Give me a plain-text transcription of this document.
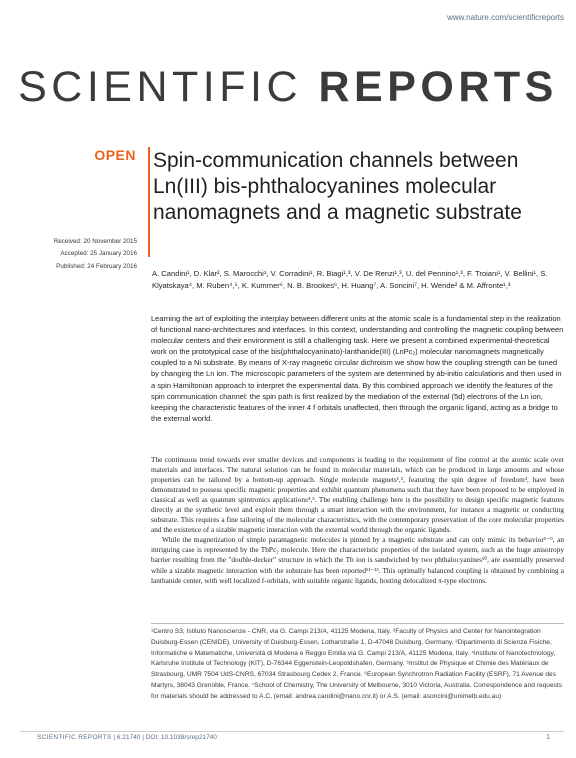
www.nature.com/scientificreports
SCIENTIFIC REPORTS
OPEN Spin-communication channels between Ln(III) bis-phthalocyanines molecular nanomagnets and a magnetic substrate
Received: 20 November 2015
Accepted: 25 January 2016
Published: 24 February 2016
A. Candini¹, D. Klar², S. Marocchi¹, V. Corradini¹, R. Biagi¹,³, V. De Renzi¹,³, U. del Pennino¹,³, F. Troiani¹, V. Bellini¹, S. Klyatskaya⁴, M. Ruben⁴,⁵, K. Kummer⁶, N. B. Brookes⁶, H. Huang⁷, A. Soncini⁷, H. Wende² & M. Affronte¹,³
Learning the art of exploiting the interplay between different units at the atomic scale is a fundamental step in the realization of functional nano-architectures and interfaces. In this context, understanding and controlling the magnetic coupling between molecular centers and their environment is still a challenging task. Here we present a combined experimental-theoretical work on the prototypical case of the bis(phthalocyaninato)-lanthanide(III) (LnPc₂) molecular nanomagnets magnetically coupled to a Ni substrate. By means of X-ray magnetic circular dichroism we show how the coupling strength can be tuned by changing the Ln ion. The microscopic parameters of the system are determined by ab-initio calculations and then used in a spin Hamiltonian approach to interpret the experimental data. By this combined approach we identify the features of the spin communication channel: the spin path is first realized by the mediation of the external (5d) electrons of the Ln ion, keeping the characteristic features of the inner 4 f orbitals unaffected, then through the organic ligand, acting as a bridge to the external world.

The continuous trend towards ever smaller devices and components is leading to the requirement of fine control at the atomic scale over materials and interfaces. The natural solution can be found in molecular materials, which can be produced in large amounts and whose properties can be tailored by a bottom-up approach. Single molecule magnets¹,², featuring the spin degree of freedom³, have been demonstrated to possess specific magnetic properties and exhibit quantum phenomena such that they have been proposed to be employed in classical as well as quantum spintronics applications⁴,⁵. The enabling challenge here is the possibility to design specific magnetic features directly at the synthetic level and exploit them through a smart interaction with the environment, for instance a magnetic or conducting substrate. This requires a fine tailoring of the molecular characteristics, with the contemporary preservation of the core molecular properties and the existence of a sizable magnetic interaction with the external world through the organic ligands.

While the magnetization of simple paramagnetic molecules is pinned by a magnetic substrate and can only mimic its behavior⁶⁻⁹, an intriguing case is represented by the TbPc₂ molecule. Here the characteristic properties of the isolated system, such as the huge anisotropy barrier resulting from the "double-decker" structure in which the Tb ion is sandwiched by two phthalocyanines¹⁰, are essentially preserved while a sizable magnetic interaction with the substrate has been reported¹¹⁻¹³. This optimally balanced coupling is obtained by combining a lanthanide center, with well localized f-orbitals, with suitable organic ligands, hosting delocalized π-type electrons.

¹Centro S3, Istituto Nanoscienze - CNR, via G. Campi 213/A, 41125 Modena, Italy. ²Faculty of Physics and Center for Nanointegration Duisburg-Essen (CENIDE), University of Duisburg-Essen, Lotharstraße 1, D-47048 Duisburg, Germany. ³Dipartimento di Scienze Fisiche, Informatiche e Matematiche, Università di Modena e Reggio Emilia via G. Campi 213/A, 41125 Modena, Italy. ⁴Institute of Nanotechnology, Karlsruhe Institute of Technology (KIT), D-76344 Eggenstein-Leopoldshafen, Germany. ⁵Institut de Physique et Chimie des Matériaux de Strasbourg, UMR 7504 UdS-CNRS, 67034 Strasbourg Cedex 2, France. ⁶European Synchrotron Radiation Facility (ESRF), 71 Avenue des Martyrs, 38043 Grenoble, France. ⁷School of Chemistry, The University of Melbourne, 3010 Victoria, Australia. Correspondence and requests for materials should be addressed to A.C. (email: andrea.candini@nano.cnr.it) or A.S. (email: asoncini@unimelb.edu.au)
SCIENTIFIC REPORTS | 6:21740 | DOI: 10.1038/srep21740	1
